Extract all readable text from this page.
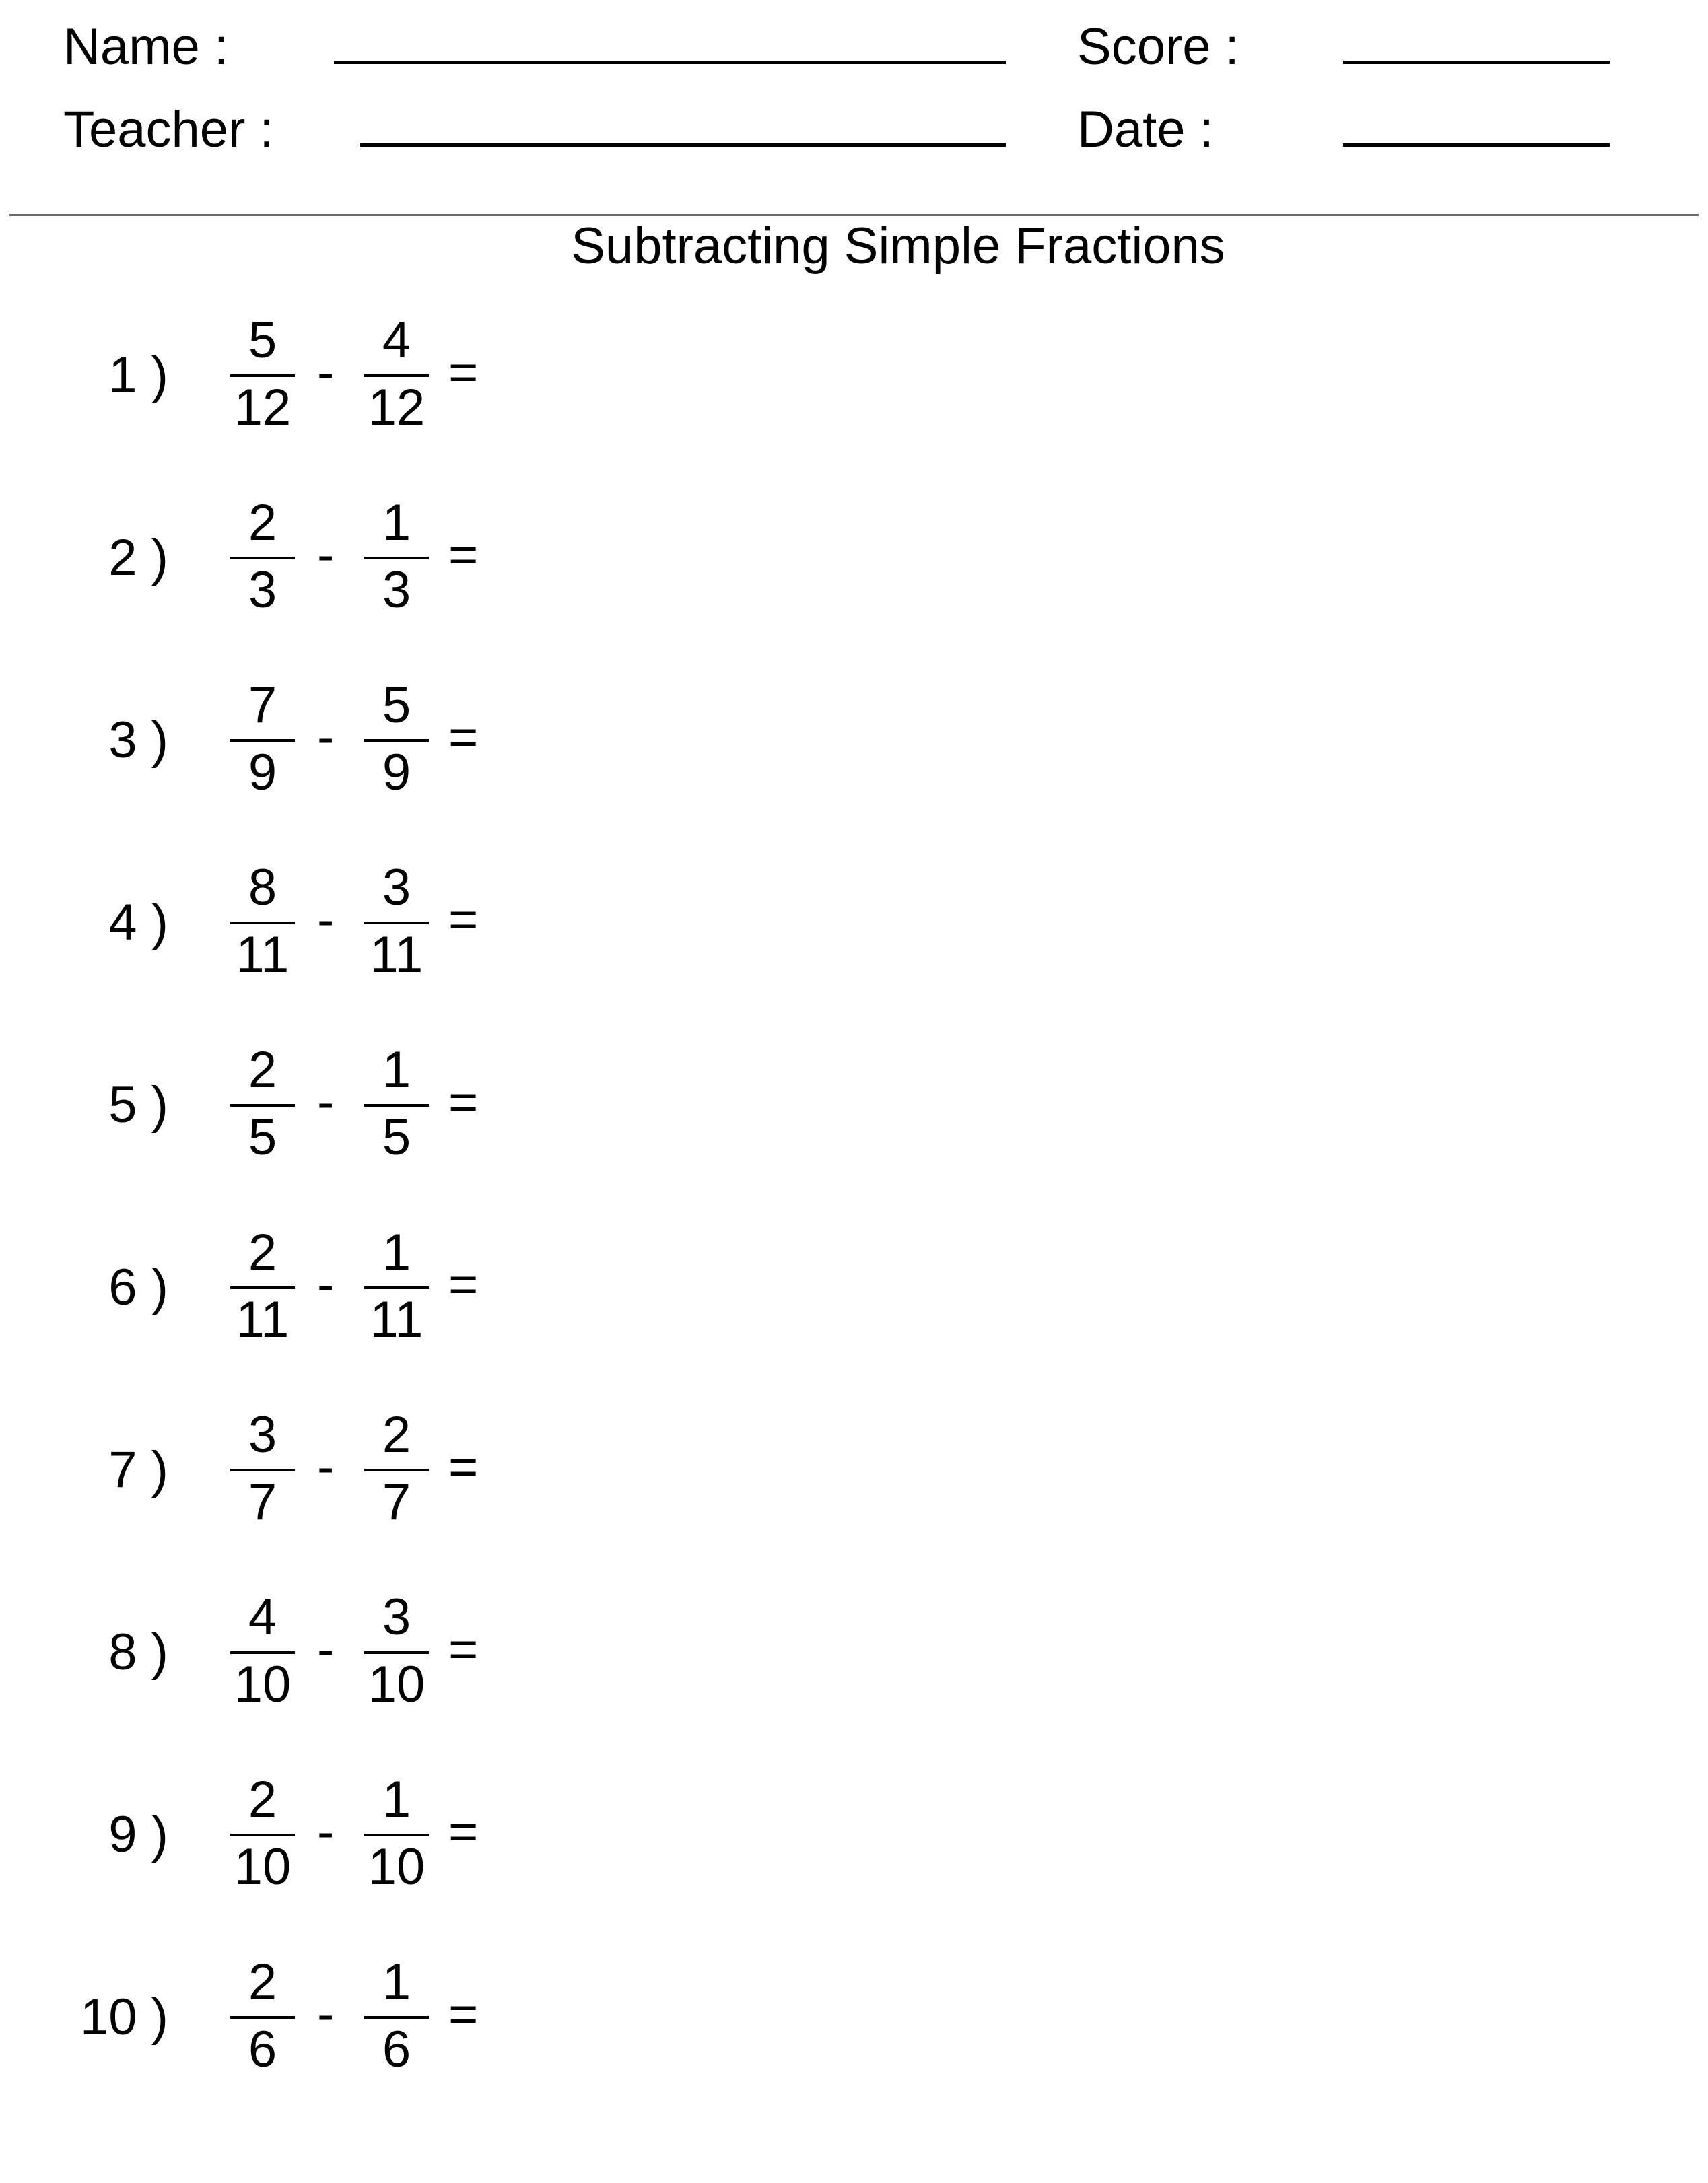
Name :
Teacher :
Score :
Date :
Subtracting Simple Fractions
1 )
5
12
-
4
12
=
2 )
2
3
-
1
3
=
3 )
7
9
-
5
9
=
4 )
8
11
-
3
11
=
5 )
2
5
-
1
5
=
6 )
2
11
-
1
11
=
7 )
3
7
-
2
7
=
8 )
4
10
-
3
10
=
9 )
2
10
-
1
10
=
10 )
2
6
-
1
6
=
